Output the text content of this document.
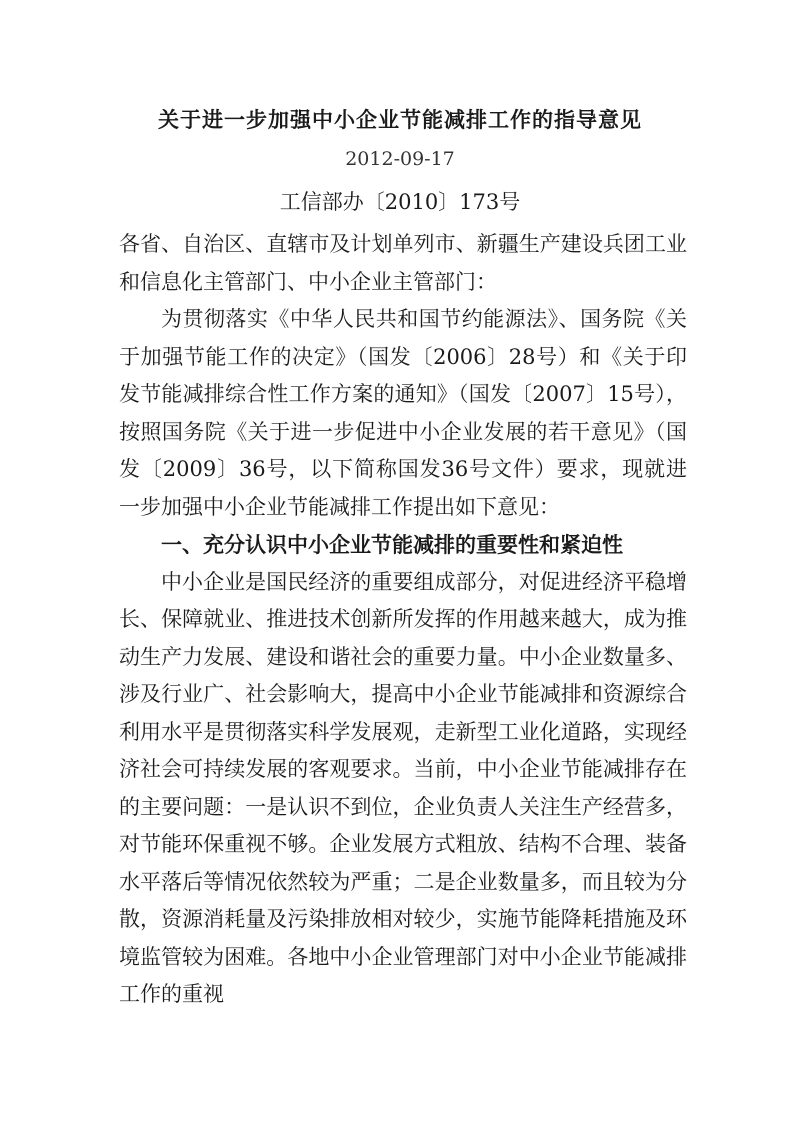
关于进一步加强中小企业节能减排工作的指导意见
2012-09-17
工信部办〔2010〕173号

各省、自治区、直辖市及计划单列市、新疆生产建设兵团工业和信息化主管部门、中小企业主管部门：

为贯彻落实《中华人民共和国节约能源法》、国务院《关于加强节能工作的决定》（国发〔2006〕28号）和《关于印发节能减排综合性工作方案的通知》（国发〔2007〕15号），按照国务院《关于进一步促进中小企业发展的若干意见》（国发〔2009〕36号，以下简称国发36号文件）要求，现就进一步加强中小企业节能减排工作提出如下意见：

一、充分认识中小企业节能减排的重要性和紧迫性

中小企业是国民经济的重要组成部分，对促进经济平稳增长、保障就业、推进技术创新所发挥的作用越来越大，成为推动生产力发展、建设和谐社会的重要力量。中小企业数量多、涉及行业广、社会影响大，提高中小企业节能减排和资源综合利用水平是贯彻落实科学发展观，走新型工业化道路，实现经济社会可持续发展的客观要求。当前，中小企业节能减排存在的主要问题：一是认识不到位，企业负责人关注生产经营多，对节能环保重视不够。企业发展方式粗放、结构不合理、装备水平落后等情况依然较为严重；二是企业数量多，而且较为分散，资源消耗量及污染排放相对较少，实施节能降耗措施及环境监管较为困难。各地中小企业管理部门对中小企业节能减排工作的重视
